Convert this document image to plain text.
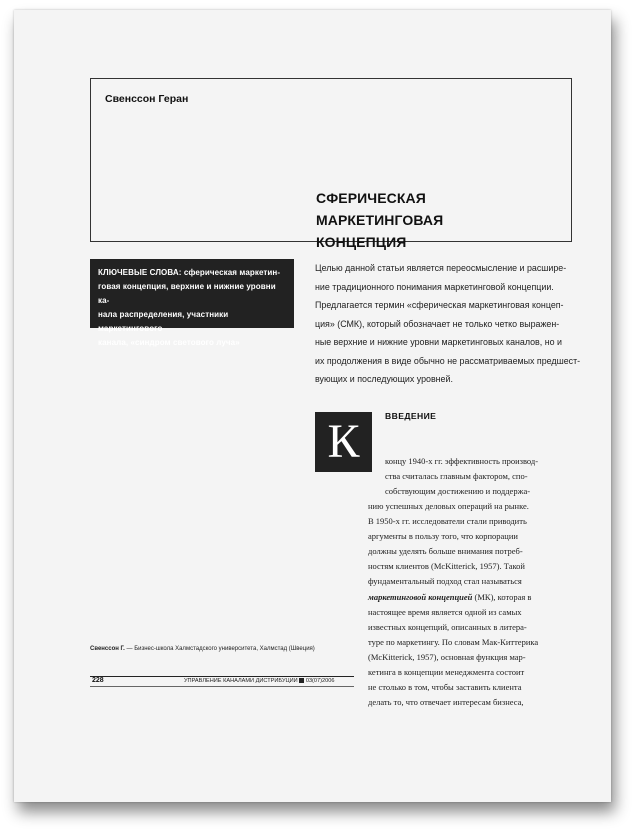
Свенссон Геран
СФЕРИЧЕСКАЯ МАРКЕТИНГОВАЯ
КОНЦЕПЦИЯ

КЛЮЧЕВЫЕ СЛОВА: сферическая маркетин-

говая концепция, верхние и нижние уровни ка-

нала распределения, участники маркетингового

канала, «синдром светового луча»

Целью данной статьи является переосмысление и расшире-
ние традиционного понимания маркетинговой концепции.
Предлагается термин «сферическая маркетинговая концеп-
ция» (СМК), который обозначает не только четко выражен-
ные верхние и нижние уровни маркетинговых каналов, но и
их продолжения в виде обычно не рассматриваемых предшест-
вующих и последующих уровней.
К	ВВЕДЕНИЕ
концу 1940-х гг. эффективность производ-
ства считалась главным фактором, спо-
собствующим достижению и поддержа-
нию успешных деловых операций на рынке.
В 1950-х гг. исследователи стали приводить
аргументы в пользу того, что корпорации
должны уделять больше внимания потреб-
ностям клиентов (McKitterick, 1957). Такой
фундаментальный подход стал называться
маркетинговой концепцией (МК), которая в
настоящее время является одной из самых
известных концепций, описанных в литера-
туре по маркетингу. По словам Мак-Киттерика
(McKitterick, 1957), основная функция мар-
кетинга в концепции менеджмента состоит
не столько в том, чтобы заставить клиента
делать то, что отвечает интересам бизнеса,
Свенссон Г. — Бизнес-школа Халмстадского университета, Халмстад (Швеция)
228	УПРАВЛЕНИЕ КАНАЛАМИ ДИСТРИБУЦИИ 03(07)2006
